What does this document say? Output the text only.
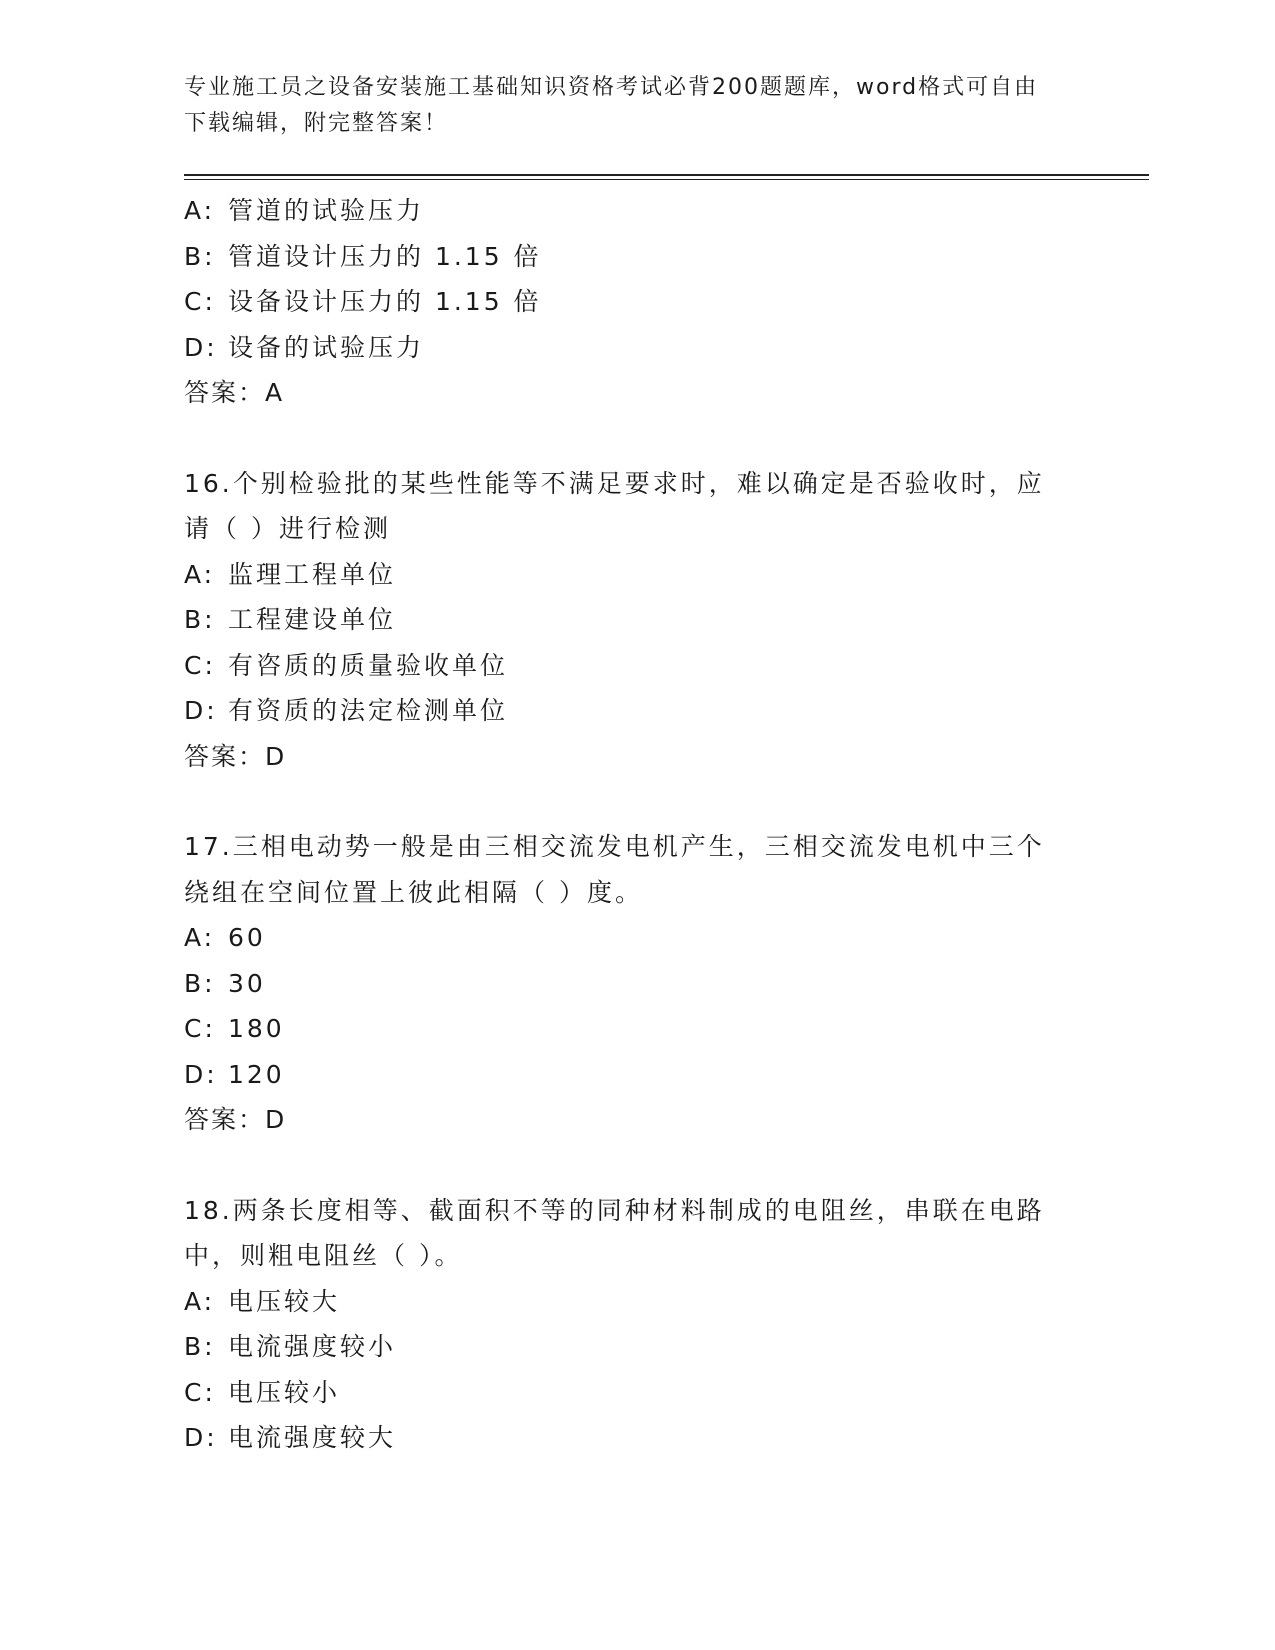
专业施工员之设备安装施工基础知识资格考试必背200题题库，word格式可自由
下载编辑，附完整答案！
A: 管道的试验压力
B: 管道设计压力的 1.15 倍
C: 设备设计压力的 1.15 倍
D: 设备的试验压力
答案：A
16.个别检验批的某些性能等不满足要求时，难以确定是否验收时，应
请（ ）进行检测
A: 监理工程单位
B: 工程建设单位
C: 有咨质的质量验收单位
D: 有资质的法定检测单位
答案：D
17.三相电动势一般是由三相交流发电机产生，三相交流发电机中三个
绕组在空间位置上彼此相隔（ ）度。
A: 60
B: 30
C: 180
D: 120
答案：D
18.两条长度相等、截面积不等的同种材料制成的电阻丝，串联在电路
中，则粗电阻丝（ ）。
A: 电压较大
B: 电流强度较小
C: 电压较小
D: 电流强度较大
